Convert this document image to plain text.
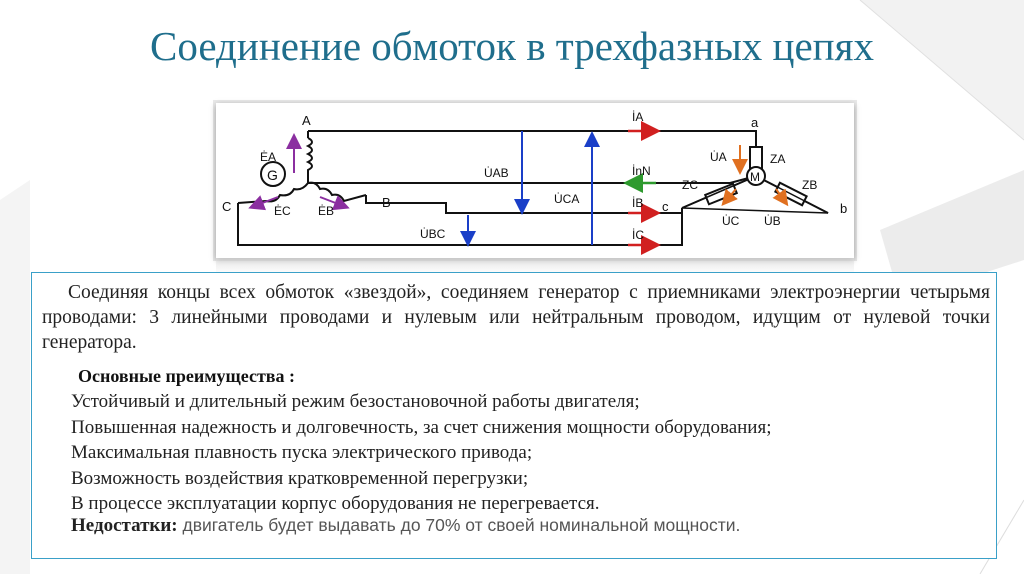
Соединение обмоток в трехфазных цепях
G	M
A
B
C
a
b
c
ĖA
ĖC ĖB
U̇AB
U̇CA
U̇BC
İA
İB
İC
İnN
U̇A
U̇C U̇B
ZA
ZC	ZB
Соединяя концы всех обмоток «звездой», соединяем генератор с приемниками электроэнергии четырьмя проводами: 3 линейными проводами и нулевым или нейтральным проводом, идущим от нулевой точки генератора.
Основные преимущества :
Устойчивый и длительный режим безостановочной работы двигателя;
Повышенная надежность и долговечность, за счет снижения мощности оборудования;
Максимальная плавность пуска электрического привода;
Возможность воздействия кратковременной перегрузки;
В процессе эксплуатации корпус оборудования не перегревается.
Недостатки: двигатель будет выдавать до 70% от своей номинальной мощности.
